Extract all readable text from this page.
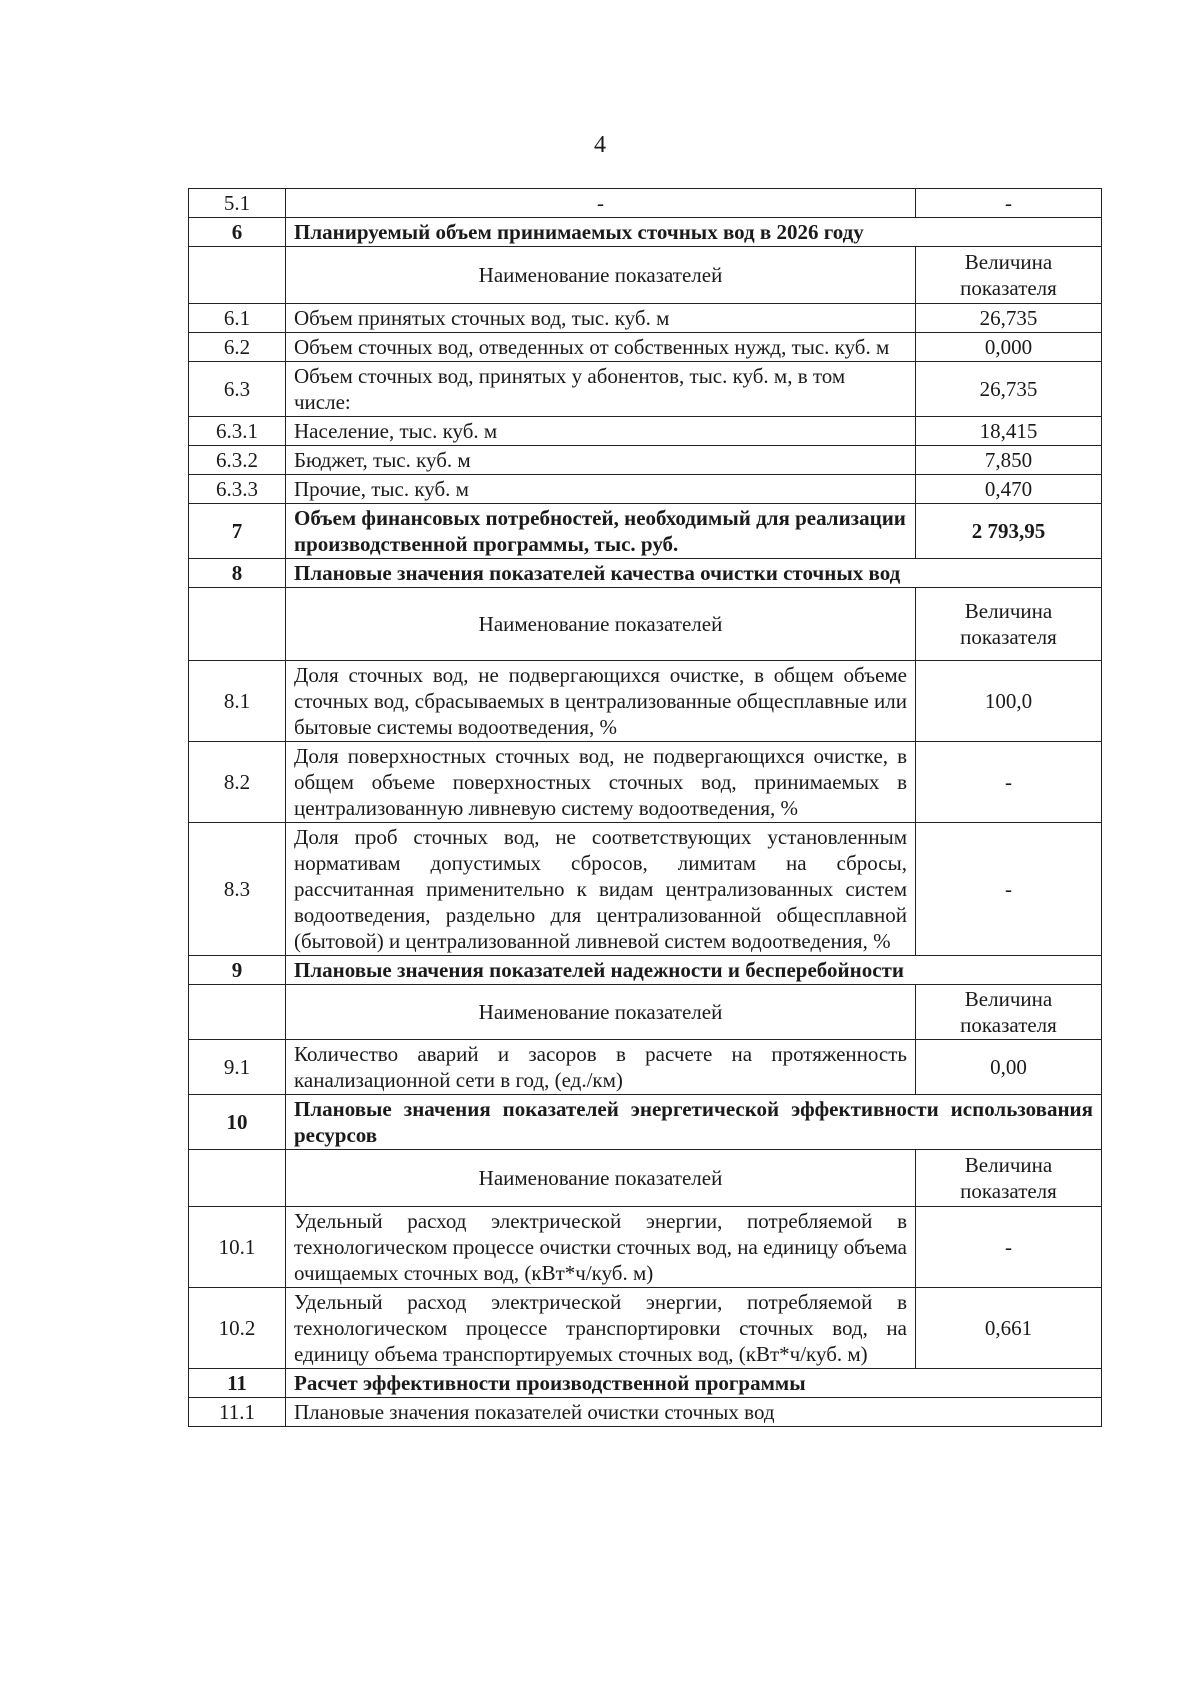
4
5.1	-	-
6	Планируемый объем принимаемых сточных вод в 2026 году	
	Наименование показателей	Величина показателя
6.1	Объем принятых сточных вод, тыс. куб. м	26,735
6.2	Объем сточных вод, отведенных от собственных нужд, тыс. куб. м	0,000
6.3	Объем сточных вод, принятых у абонентов, тыс. куб. м, в том числе:	26,735
6.3.1	Население, тыс. куб. м	18,415
6.3.2	Бюджет, тыс. куб. м	7,850
6.3.3	Прочие, тыс. куб. м	0,470
7	Объем финансовых потребностей, необходимый для реализации производственной программы, тыс. руб.	2 793,95
8	Плановые значения показателей качества очистки сточных вод	
	Наименование показателей	Величина показателя
8.1	Доля сточных вод, не подвергающихся очистке, в общем объеме сточных вод, сбрасываемых в централизованные общесплавные или бытовые системы водоотведения, %	100,0
8.2	Доля поверхностных сточных вод, не подвергающихся очистке, в общем объеме поверхностных сточных вод, принимаемых в централизованную ливневую систему водоотведения, %	-
8.3	Доля проб сточных вод, не соответствующих установленным нормативам допустимых сбросов, лимитам на сбросы, рассчитанная применительно к видам централизованных систем водоотведения, раздельно для централизованной общесплавной (бытовой) и централизованной ливневой систем водоотведения, %	-
9	Плановые значения показателей надежности и бесперебойности	
	Наименование показателей	Величина показателя
9.1	Количество аварий и засоров в расчете на протяженность канализационной сети в год, (ед./км)	0,00
10	Плановые значения показателей энергетической эффективности использования ресурсов	
	Наименование показателей	Величина показателя
10.1	Удельный расход электрической энергии, потребляемой в технологическом процессе очистки сточных вод, на единицу объема очищаемых сточных вод, (кВт*ч/куб. м)	-
10.2	Удельный расход электрической энергии, потребляемой в технологическом процессе транспортировки сточных вод, на единицу объема транспортируемых сточных вод, (кВт*ч/куб. м)	0,661
11	Расчет эффективности производственной программы	
11.1	Плановые значения показателей очистки сточных вод	
